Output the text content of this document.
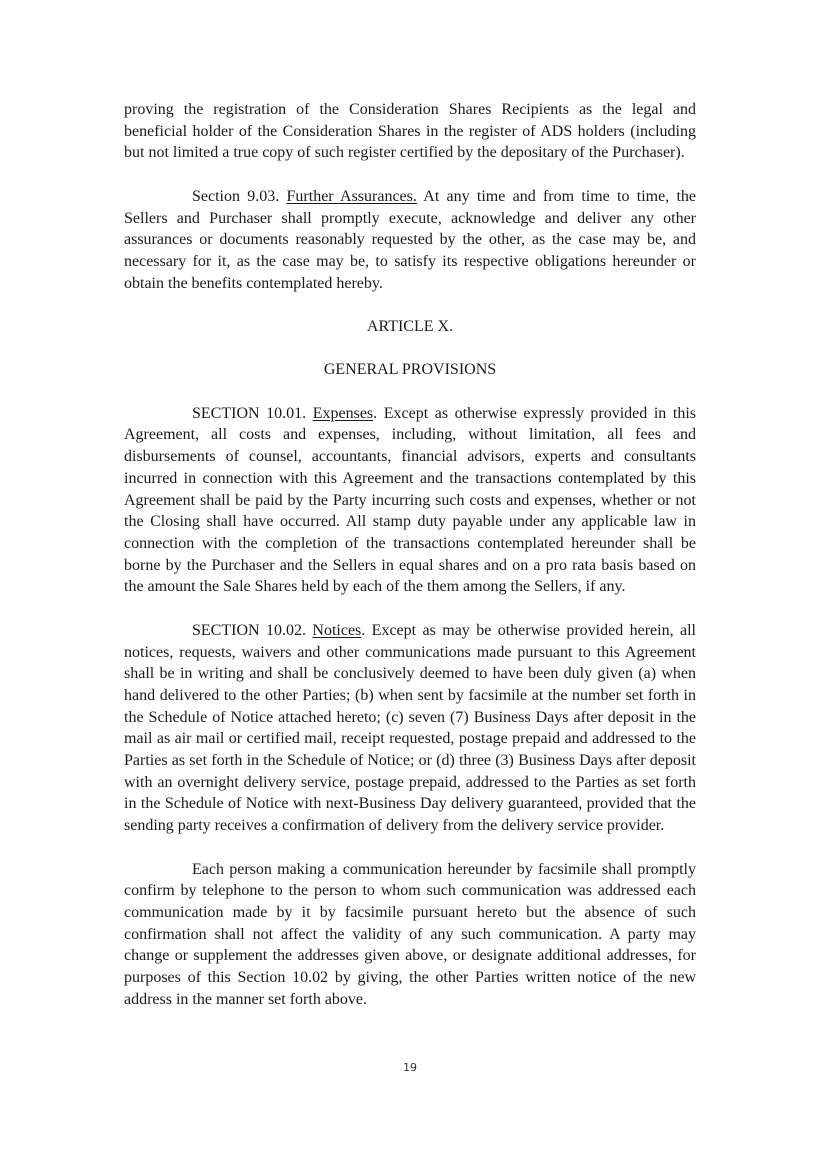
proving the registration of the Consideration Shares Recipients as the legal and beneficial holder of the Consideration Shares in the register of ADS holders (including but not limited a true copy of such register certified by the depositary of the Purchaser).

Section 9.03. Further Assurances. At any time and from time to time, the Sellers and Purchaser shall promptly execute, acknowledge and deliver any other assurances or documents reasonably requested by the other, as the case may be, and necessary for it, as the case may be, to satisfy its respective obligations hereunder or obtain the benefits contemplated hereby.

ARTICLE X.
GENERAL PROVISIONS

SECTION 10.01. Expenses. Except as otherwise expressly provided in this Agreement, all costs and expenses, including, without limitation, all fees and disbursements of counsel, accountants, financial advisors, experts and consultants incurred in connection with this Agreement and the transactions contemplated by this Agreement shall be paid by the Party incurring such costs and expenses, whether or not the Closing shall have occurred. All stamp duty payable under any applicable law in connection with the completion of the transactions contemplated hereunder shall be borne by the Purchaser and the Sellers in equal shares and on a pro rata basis based on the amount the Sale Shares held by each of the them among the Sellers, if any.

SECTION 10.02. Notices. Except as may be otherwise provided herein, all notices, requests, waivers and other communications made pursuant to this Agreement shall be in writing and shall be conclusively deemed to have been duly given (a) when hand delivered to the other Parties; (b) when sent by facsimile at the number set forth in the Schedule of Notice attached hereto; (c) seven (7) Business Days after deposit in the mail as air mail or certified mail, receipt requested, postage prepaid and addressed to the Parties as set forth in the Schedule of Notice; or (d) three (3) Business Days after deposit with an overnight delivery service, postage prepaid, addressed to the Parties as set forth in the Schedule of Notice with next-Business Day delivery guaranteed, provided that the sending party receives a confirmation of delivery from the delivery service provider.

Each person making a communication hereunder by facsimile shall promptly confirm by telephone to the person to whom such communication was addressed each communication made by it by facsimile pursuant hereto but the absence of such confirmation shall not affect the validity of any such communication. A party may change or supplement the addresses given above, or designate additional addresses, for purposes of this Section 10.02 by giving, the other Parties written notice of the new address in the manner set forth above.

19
